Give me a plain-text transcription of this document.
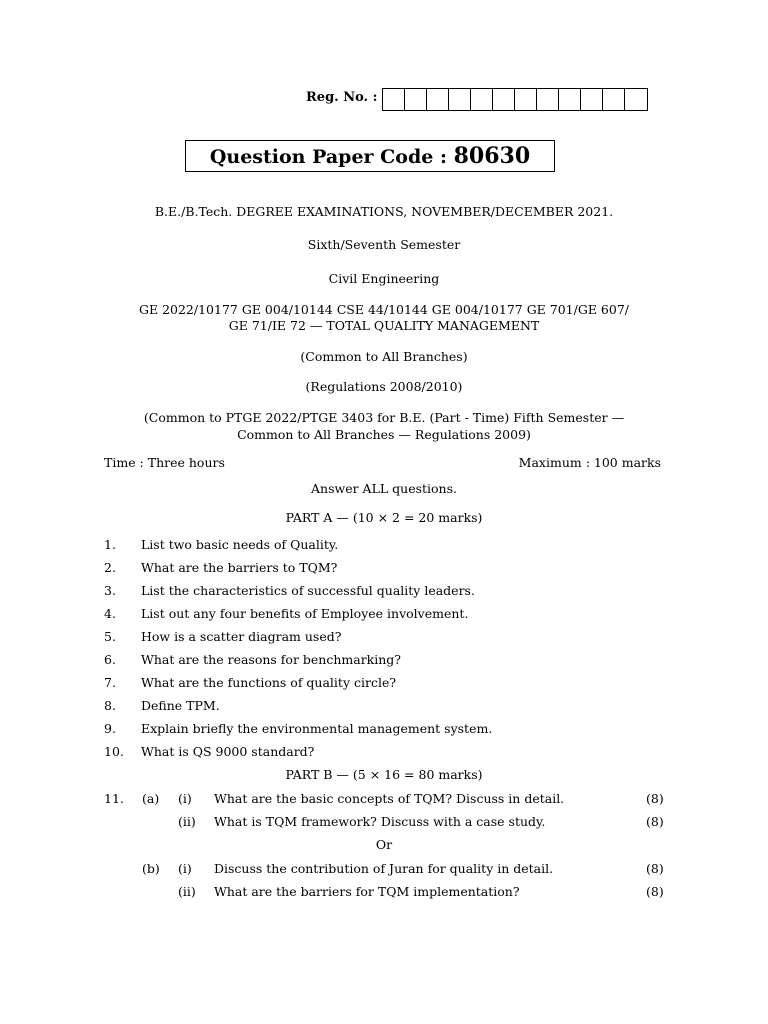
Reg. No. :
Question Paper Code : 80630
B.E./B.Tech. DEGREE EXAMINATIONS, NOVEMBER/DECEMBER 2021.
Sixth/Seventh Semester
Civil Engineering
GE 2022/10177 GE 004/10144 CSE 44/10144 GE 004/10177 GE 701/GE 607/
GE 71/IE 72 — TOTAL QUALITY MANAGEMENT
(Common to All Branches)
(Regulations 2008/2010)
(Common to PTGE 2022/PTGE 3403 for B.E. (Part - Time) Fifth Semester —
Common to All Branches — Regulations 2009)
Time : Three hours	Maximum : 100 marks
Answer ALL questions.
PART A — (10 × 2 = 20 marks)
1. List two basic needs of Quality.
2. What are the barriers to TQM?
3. List the characteristics of successful quality leaders.
4. List out any four benefits of Employee involvement.
5. How is a scatter diagram used?
6. What are the reasons for benchmarking?
7. What are the functions of quality circle?
8. Define TPM.
9. Explain briefly the environmental management system.
10. What is QS 9000 standard?
PART B — (5 × 16 = 80 marks)
11. (a) (i) What are the basic concepts of TQM? Discuss in detail.	(8)
(ii) What is TQM framework? Discuss with a case study.	(8)
Or
(b) (i) Discuss the contribution of Juran for quality in detail.	(8)
(ii) What are the barriers for TQM implementation?	(8)
